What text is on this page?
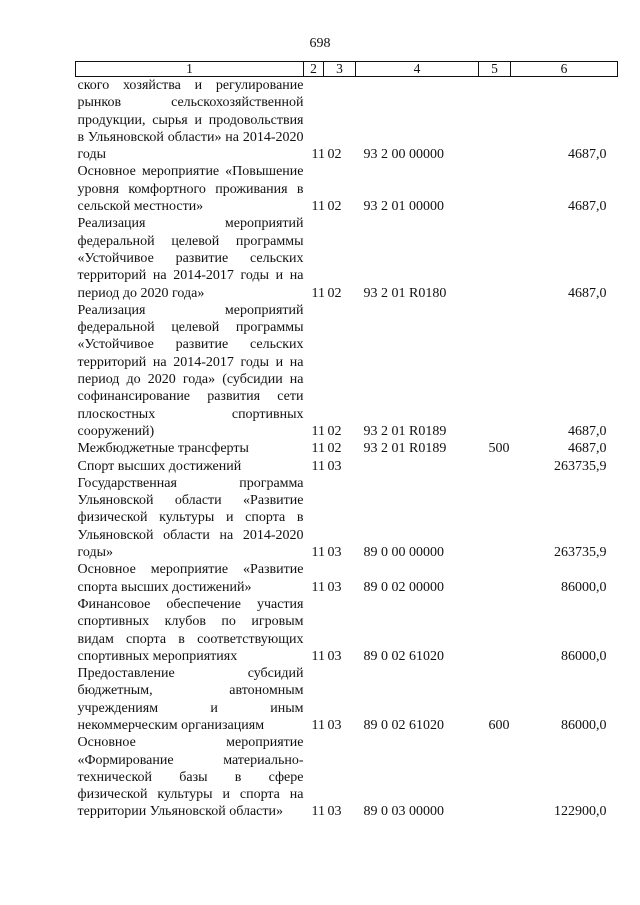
698
1	2	3	4	5	6
ского хозяйства и регулирование рынков сельскохозяйственной продукции, сырья и продовольствия в Ульяновской области» на 2014-2020 годы	11	02	93 2 00 00000		4687,0
Основное мероприятие «Повышение уровня комфортного проживания в сельской местности»	11	02	93 2 01 00000		4687,0
Реализация мероприятий федеральной целевой программы «Устойчивое развитие сельских территорий на 2014-2017 годы и на период до 2020 года»	11	02	93 2 01 R0180		4687,0
Реализация мероприятий федеральной целевой программы «Устойчивое развитие сельских территорий на 2014-2017 годы и на период до 2020 года» (субсидии на софинансирование развития сети плоскостных спортивных сооружений)	11	02	93 2 01 R0189		4687,0
Межбюджетные трансферты	11	02	93 2 01 R0189	500	4687,0
Спорт высших достижений	11	03			263735,9
Государственная программа Ульяновской области «Развитие физической культуры и спорта в Ульяновской области на 2014-2020 годы»	11	03	89 0 00 00000		263735,9
Основное мероприятие «Развитие спорта высших достижений»	11	03	89 0 02 00000		86000,0
Финансовое обеспечение участия спортивных клубов по игровым видам спорта в соответствующих спортивных мероприятиях	11	03	89 0 02 61020		86000,0
Предоставление субсидий бюджетным, автономным учреждениям и иным некоммерческим организациям	11	03	89 0 02 61020	600	86000,0
Основное мероприятие «Формирование материально-технической базы в сфере физической культуры и спорта на территории Ульяновской области»	11	03	89 0 03 00000		122900,0
